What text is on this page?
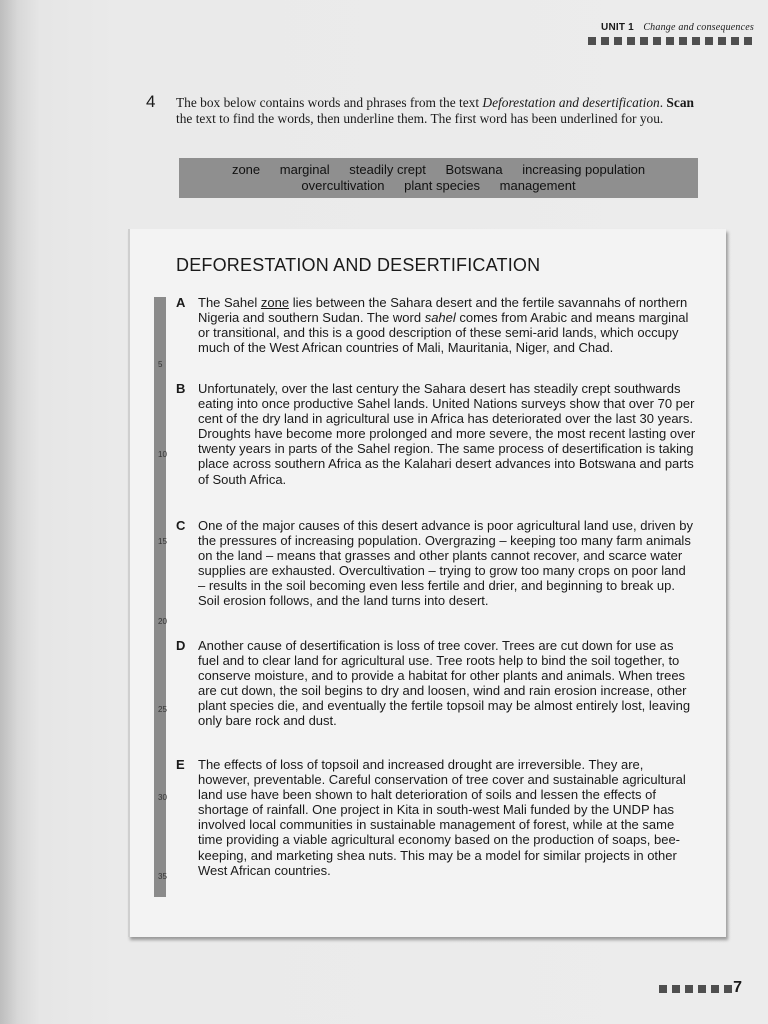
UNIT 1 Change and consequences
4 The box below contains words and phrases from the text Deforestation and desertification. Scan the text to find the words, then underline them. The first word has been underlined for you.
zone marginal steadily crept Botswana increasing population
overcultivation plant species management
DEFORESTATION AND DESERTIFICATION
5
10
15
20
25
30
35
A The Sahel zone lies between the Sahara desert and the fertile savannahs of northern Nigeria and southern Sudan. The word sahel comes from Arabic and means marginal or transitional, and this is a good description of these semi-arid lands, which occupy much of the West African countries of Mali, Mauritania, Niger, and Chad.
B Unfortunately, over the last century the Sahara desert has steadily crept southwards eating into once productive Sahel lands. United Nations surveys show that over 70 per cent of the dry land in agricultural use in Africa has deteriorated over the last 30 years. Droughts have become more prolonged and more severe, the most recent lasting over twenty years in parts of the Sahel region. The same process of desertification is taking place across southern Africa as the Kalahari desert advances into Botswana and parts of South Africa.
C One of the major causes of this desert advance is poor agricultural land use, driven by the pressures of increasing population. Overgrazing – keeping too many farm animals on the land – means that grasses and other plants cannot recover, and scarce water supplies are exhausted. Overcultivation – trying to grow too many crops on poor land – results in the soil becoming even less fertile and drier, and beginning to break up. Soil erosion follows, and the land turns into desert.
D Another cause of desertification is loss of tree cover. Trees are cut down for use as fuel and to clear land for agricultural use. Tree roots help to bind the soil together, to conserve moisture, and to provide a habitat for other plants and animals. When trees are cut down, the soil begins to dry and loosen, wind and rain erosion increase, other plant species die, and eventually the fertile topsoil may be almost entirely lost, leaving only bare rock and dust.
E The effects of loss of topsoil and increased drought are irreversible. They are, however, preventable. Careful conservation of tree cover and sustainable agricultural land use have been shown to halt deterioration of soils and lessen the effects of shortage of rainfall. One project in Kita in south-west Mali funded by the UNDP has involved local communities in sustainable management of forest, while at the same time providing a viable agricultural economy based on the production of soaps, bee-keeping, and marketing shea nuts. This may be a model for similar projects in other West African countries.
7
